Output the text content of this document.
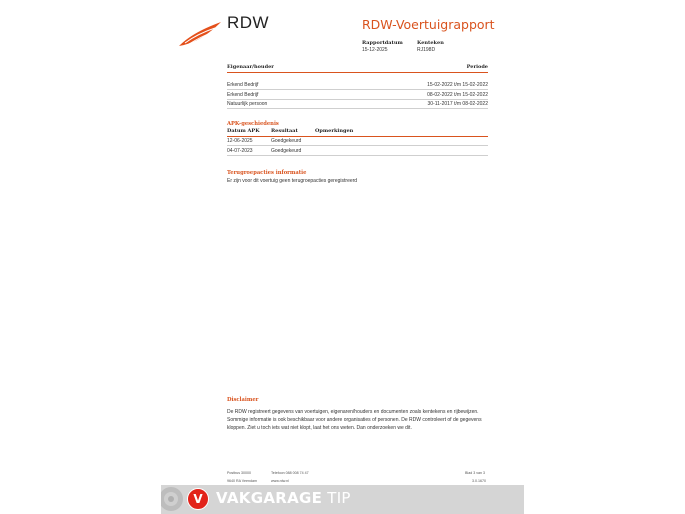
RDW	RDW-Voertuigrapport
Rapportdatum
15-12-2025
Kenteken
RJ198D
Eigenaar/houder	Periode
Erkend Bedrijf	15-02-2022 t/m 15-02-2022
Erkend Bedrijf	08-02-2022 t/m 15-02-2022
Natuurlijk persoon	30-11-2017 t/m 08-02-2022
APK-geschiedenis
Datum APK	Resultaat	Opmerkingen
12-06-2025	Goedgekeurd
04-07-2023	Goedgekeurd
Terugroepacties informatie
Er zijn voor dit voertuig geen terugroepacties geregistreerd
Disclaimer
De RDW registreert gegevens van voertuigen, eigenaren/houders en documenten zoals kentekens en rijbewijzen. Sommige informatie is ook beschikbaar voor andere organisaties of personen. De RDW controleert of de gegevens kloppen. Ziet u toch iets wat niet klopt, laat het ons weten. Dan onderzoeken we dit.
Postbus 30000
9640 RA Veendam
Telefoon 088 008 74 47
www.rdw.nl
Blad 3 van 3
3.0.1670
V VAKGARAGE TIP
